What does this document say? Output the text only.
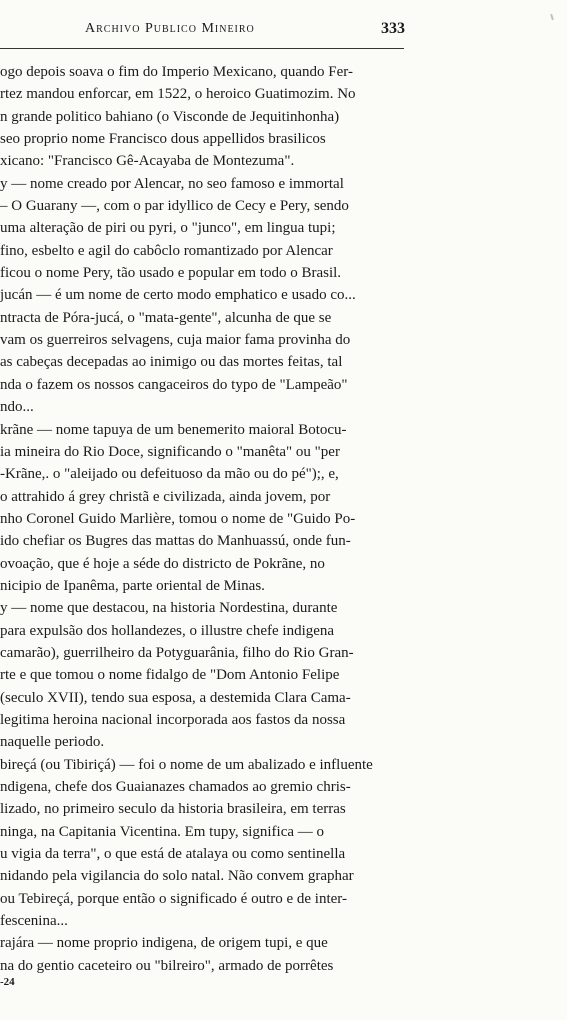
Archivo Publico Mineiro	333
ogo depois soava o fim do Imperio Mexicano, quando Fer-
rtez mandou enforcar, em 1522, o heroico Guatimozim. No
n grande politico bahiano (o Visconde de Jequitinhonha)
seo proprio nome Francisco dous appellidos brasilicos
xicano: "Francisco Gê-Acayaba de Montezuma".
y — nome creado por Alencar, no seo famoso e immortal
– O Guarany —, com o par idyllico de Cecy e Pery, sendo
uma alteração de piri ou pyri, o "junco", em lingua tupi;
fino, esbelto e agil do cabôclo romantizado por Alencar
ficou o nome Pery, tão usado e popular em todo o Brasil.
jucán — é um nome de certo modo emphatico e usado co...
ntracta de Póra-jucá, o "mata-gente", alcunha de que se
vam os guerreiros selvagens, cuja maior fama provinha do
as cabeças decepadas ao inimigo ou das mortes feitas, tal
nda o fazem os nossos cangaceiros do typo de "Lampeão"
ndo...
krãne — nome tapuya de um benemerito maioral Botocu-
ia mineira do Rio Doce, significando o "manêta" ou "per
-Krãne,. o "aleijado ou defeituoso da mão ou do pé");, e,
o attrahido á grey christã e civilizada, ainda jovem, por
nho Coronel Guido Marlière, tomou o nome de "Guido Po-
ido chefiar os Bugres das mattas do Manhuassú, onde fun-
ovoação, que é hoje a séde do districto de Pokrãne, no
nicipio de Ipanêma, parte oriental de Minas.
y — nome que destacou, na historia Nordestina, durante
para expulsão dos hollandezes, o illustre chefe indigena
camarão), guerrilheiro da Potyguarânia, filho do Rio Gran-
rte e que tomou o nome fidalgo de "Dom Antonio Felipe
(seculo XVII), tendo sua esposa, a destemida Clara Cama-
legitima heroina nacional incorporada aos fastos da nossa
naquelle periodo.
bireçá (ou Tibiriçá) — foi o nome de um abalizado e influente
ndigena, chefe dos Guaianazes chamados ao gremio chris-
lizado, no primeiro seculo da historia brasileira, em terras
ninga, na Capitania Vicentina. Em tupy, significa — o
u vigia da terra", o que está de atalaya ou como sentinella
nidando pela vigilancia do solo natal. Não convem graphar
ou Tebireçá, porque então o significado é outro e de inter-
fescenina...
rajára — nome proprio indigena, de origem tupi, e que
na do gentio caceteiro ou "bilreiro", armado de porrêtes
-24
